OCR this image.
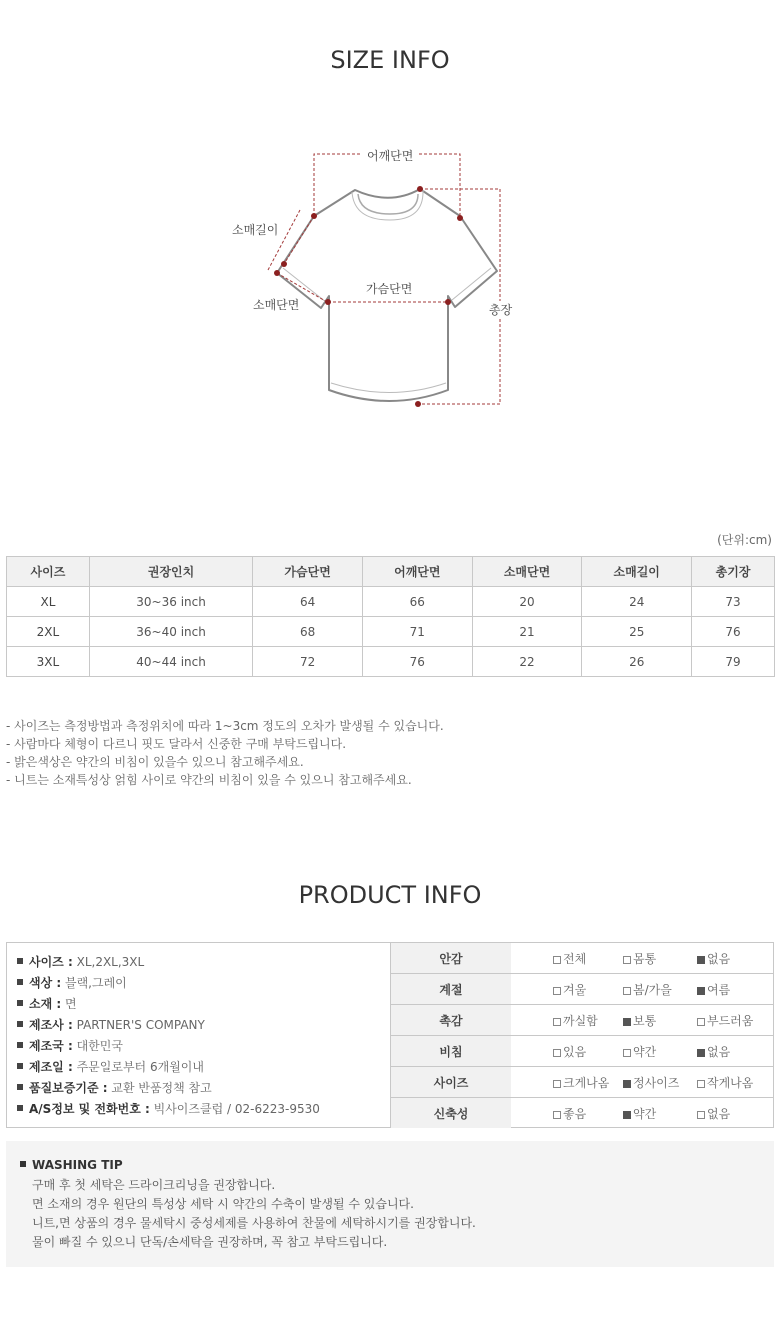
SIZE INFO
어깨단면
소매길이
소매단면
가슴단면
총장
(단위:cm)
사이즈	권장인치	가슴단면	어깨단면	소매단면	소매길이	총기장
XL	30~36 inch	64	66	20	24	73
2XL	36~40 inch	68	71	21	25	76
3XL	40~44 inch	72	76	22	26	79
- 사이즈는 측정방법과 측정위치에 따라 1~3cm 정도의 오차가 발생될 수 있습니다.
- 사람마다 체형이 다르니 핏도 달라서 신중한 구매 부탁드립니다.
- 밝은색상은 약간의 비침이 있을수 있으니 참고해주세요.
- 니트는 소재특성상 얽힘 사이로 약간의 비침이 있을 수 있으니 참고해주세요.
PRODUCT INFO
사이즈 : XL,2XL,3XL
색상 : 블랙,그레이
소재 : 면
제조사 : PARTNER'S COMPANY
제조국 : 대한민국
제조일 : 주문일로부터 6개월이내
품질보증기준 : 교환 반품정책 참고
A/S정보 및 전화번호 : 빅사이즈클럽 / 02-6223-9530
안감	전체	몸통	없음
계절	겨울	봄/가을	여름
촉감	까실함	보통	부드러움
비침	있음	약간	없음
사이즈	크게나옴	정사이즈	작게나옴
신축성	좋음	약간	없음
WASHING TIP
구매 후 첫 세탁은 드라이크리닝을 권장합니다.
면 소재의 경우 원단의 특성상 세탁 시 약간의 수축이 발생될 수 있습니다.
니트,면 상품의 경우 물세탁시 중성세제를 사용하여 찬물에 세탁하시기를 권장합니다.
물이 빠질 수 있으니 단독/손세탁을 권장하며, 꼭 참고 부탁드립니다.
